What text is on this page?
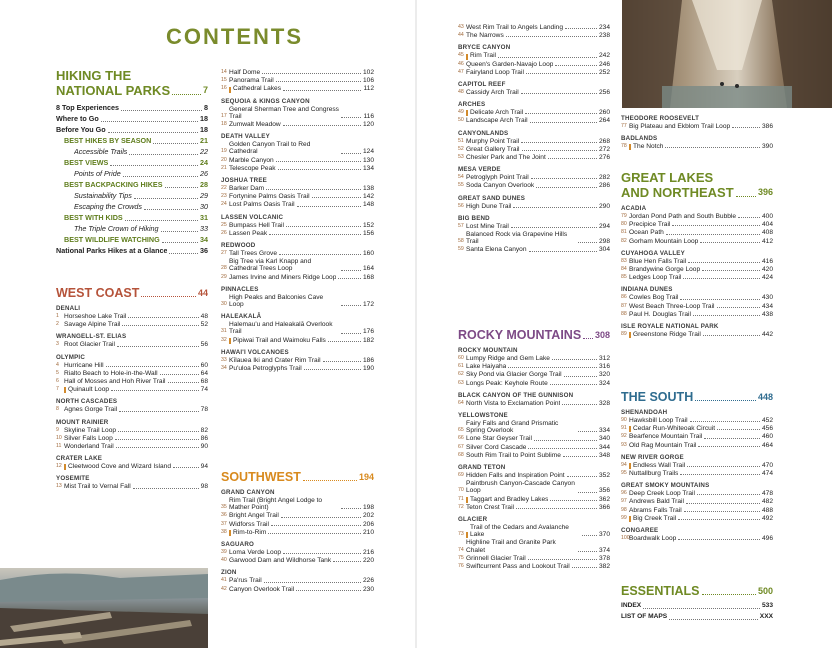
CONTENTS
HIKING THE

NATIONAL PARKS	7
8 Top Experiences	8
Where to Go	18
Before You Go	18
BEST HIKES BY SEASON	21
Accessible Trails	22
BEST VIEWS	24
Points of Pride	26
BEST BACKPACKING HIKES	28
Sustainability Tips	29
Escaping the Crowds	30
BEST WITH KIDS	31
The Triple Crown of Hiking	33
BEST WILDLIFE WATCHING	34
National Parks Hikes at a Glance	36
WEST COAST	44
DENALI
1 Horseshoe Lake Trail	48
2 Savage Alpine Trail	52
WRANGELL-ST. ELIAS
3 Root Glacier Trail	56
OLYMPIC
4 Hurricane Hill	60
5 Rialto Beach to Hole-in-the-Wall	64
6 Hall of Mosses and Hoh River Trail	68
7	Quinault Loop	74
NORTH CASCADES
8 Agnes Gorge Trail	78
MOUNT RAINIER
9 Skyline Trail Loop	82
10 Silver Falls Loop	86
11 Wonderland Trail	90
CRATER LAKE
12 Cleetwood Cove and Wizard Island	94
YOSEMITE
13 Mist Trail to Vernal Fall	98
14 Half Dome	102
15 Panorama Trail	106
16 Cathedral Lakes	112
SEQUOIA & KINGS CANYON
17
General Sherman Tree and Congress Trail	116
18 Zumwalt Meadow	120
DEATH VALLEY
19
Golden Canyon Trail to Red Cathedral	124
20 Marble Canyon	130
21 Telescope Peak	134
JOSHUA TREE
22 Barker Dam	138
23 Fortynine Palms Oasis Trail	142
24 Lost Palms Oasis Trail	148
LASSEN VOLCANIC
25 Bumpass Hell Trail	152
26 Lassen Peak	156
REDWOOD
27 Tall Trees Grove	160
28
Big Tree via Karl Knapp and Cathedral Trees Loop	164
29 James Irvine and Miners Ridge Loop	168
PINNACLES
30
High Peaks and Balconies Cave Loop	172
HALEAKALĀ
31
Halemau'u and Haleakalā Overlook Trail	176
32 Pipiwai Trail and Waimoku Falls	182
HAWAI'I VOLCANOES
33 Kīlauea Iki and Crater Rim Trail	186
34 Pu'uloa Petroglyphs Trail	190
SOUTHWEST	194
GRAND CANYON
35
Rim Trail (Bright Angel Lodge to Mather Point)	198
36 Bright Angel Trail	202
37 Widforss Trail	206
38 Rim-to-Rim	210
SAGUARO
39 Loma Verde Loop	216
40 Garwood Dam and Wildhorse Tank	220
ZION
41 Pa'rus Trail	226
42 Canyon Overlook Trail	230
43 West Rim Trail to Angels Landing	234
44 The Narrows	238
BRYCE CANYON
45 Rim Trail	242
46 Queen's Garden-Navajo Loop	246
47 Fairyland Loop Trail	252
CAPITOL REEF
48 Cassidy Arch Trail	256
ARCHES
49 Delicate Arch Trail	260
50 Landscape Arch Trail	264
CANYONLANDS
51 Murphy Point Trail	268
52 Great Gallery Trail	272
53 Chesler Park and The Joint	276
MESA VERDE
54 Petroglyph Point Trail	282
55 Soda Canyon Overlook	286
GREAT SAND DUNES
56 High Dune Trail	290
BIG BEND
57 Lost Mine Trail	294
58
Balanced Rock via Grapevine Hills Trail	298
59 Santa Elena Canyon	304
ROCKY MOUNTAINS 308
ROCKY MOUNTAIN
60 Lumpy Ridge and Gem Lake	312
61 Lake Haiyaha	316
62 Sky Pond via Glacier Gorge Trail	320
63 Longs Peak: Keyhole Route	324
BLACK CANYON OF THE GUNNISON
64 North Vista to Exclamation Point	328
YELLOWSTONE
65
Fairy Falls and Grand Prismatic Spring Overlook	334
66 Lone Star Geyser Trail	340
67 Silver Cord Cascade	344
68 South Rim Trail to Point Sublime	348
GRAND TETON
69 Hidden Falls and Inspiration Point	352
70
Paintbrush Canyon-Cascade Canyon Loop	356
71 Taggart and Bradley Lakes	362
72 Teton Crest Trail	366
GLACIER
73
Trail of the Cedars and Avalanche Lake	370
74
Highline Trail and Granite Park Chalet	374
75 Grinnell Glacier Trail	378
76 Swiftcurrent Pass and Lookout Trail	382
THEODORE ROOSEVELT
77 Big Plateau and Ekblom Trail Loop	386
BADLANDS
78 The Notch	390
GREAT LAKES

AND NORTHEAST	396
ACADIA
79 Jordan Pond Path and South Bubble	400
80 Precipice Trail	404
81 Ocean Path	408
82 Gorham Mountain Loop	412
CUYAHOGA VALLEY
83 Blue Hen Falls Trail	416
84 Brandywine Gorge Loop	420
85 Ledges Loop Trail	424
INDIANA DUNES
86 Cowles Bog Trail	430
87 West Beach Three-Loop Trail	434
88 Paul H. Douglas Trail	438
ISLE ROYALE NATIONAL PARK
89 Greenstone Ridge Trail	442
THE SOUTH	448
SHENANDOAH
90 Hawksbill Loop Trail	452
91 Cedar Run-Whiteoak Circuit	456
92 Bearfence Mountain Trail	460
93 Old Rag Mountain Trail	464
NEW RIVER GORGE
94 Endless Wall Trail	470
95 Nuttallburg Trails	474
GREAT SMOKY MOUNTAINS
96 Deep Creek Loop Trail	478
97 Andrews Bald Trail	482
98 Abrams Falls Trail	488
99 Big Creek Trail	492
CONGAREE
100 Boardwalk Loop	496
ESSENTIALS	500
INDEX	533
LIST OF MAPS	XXX
